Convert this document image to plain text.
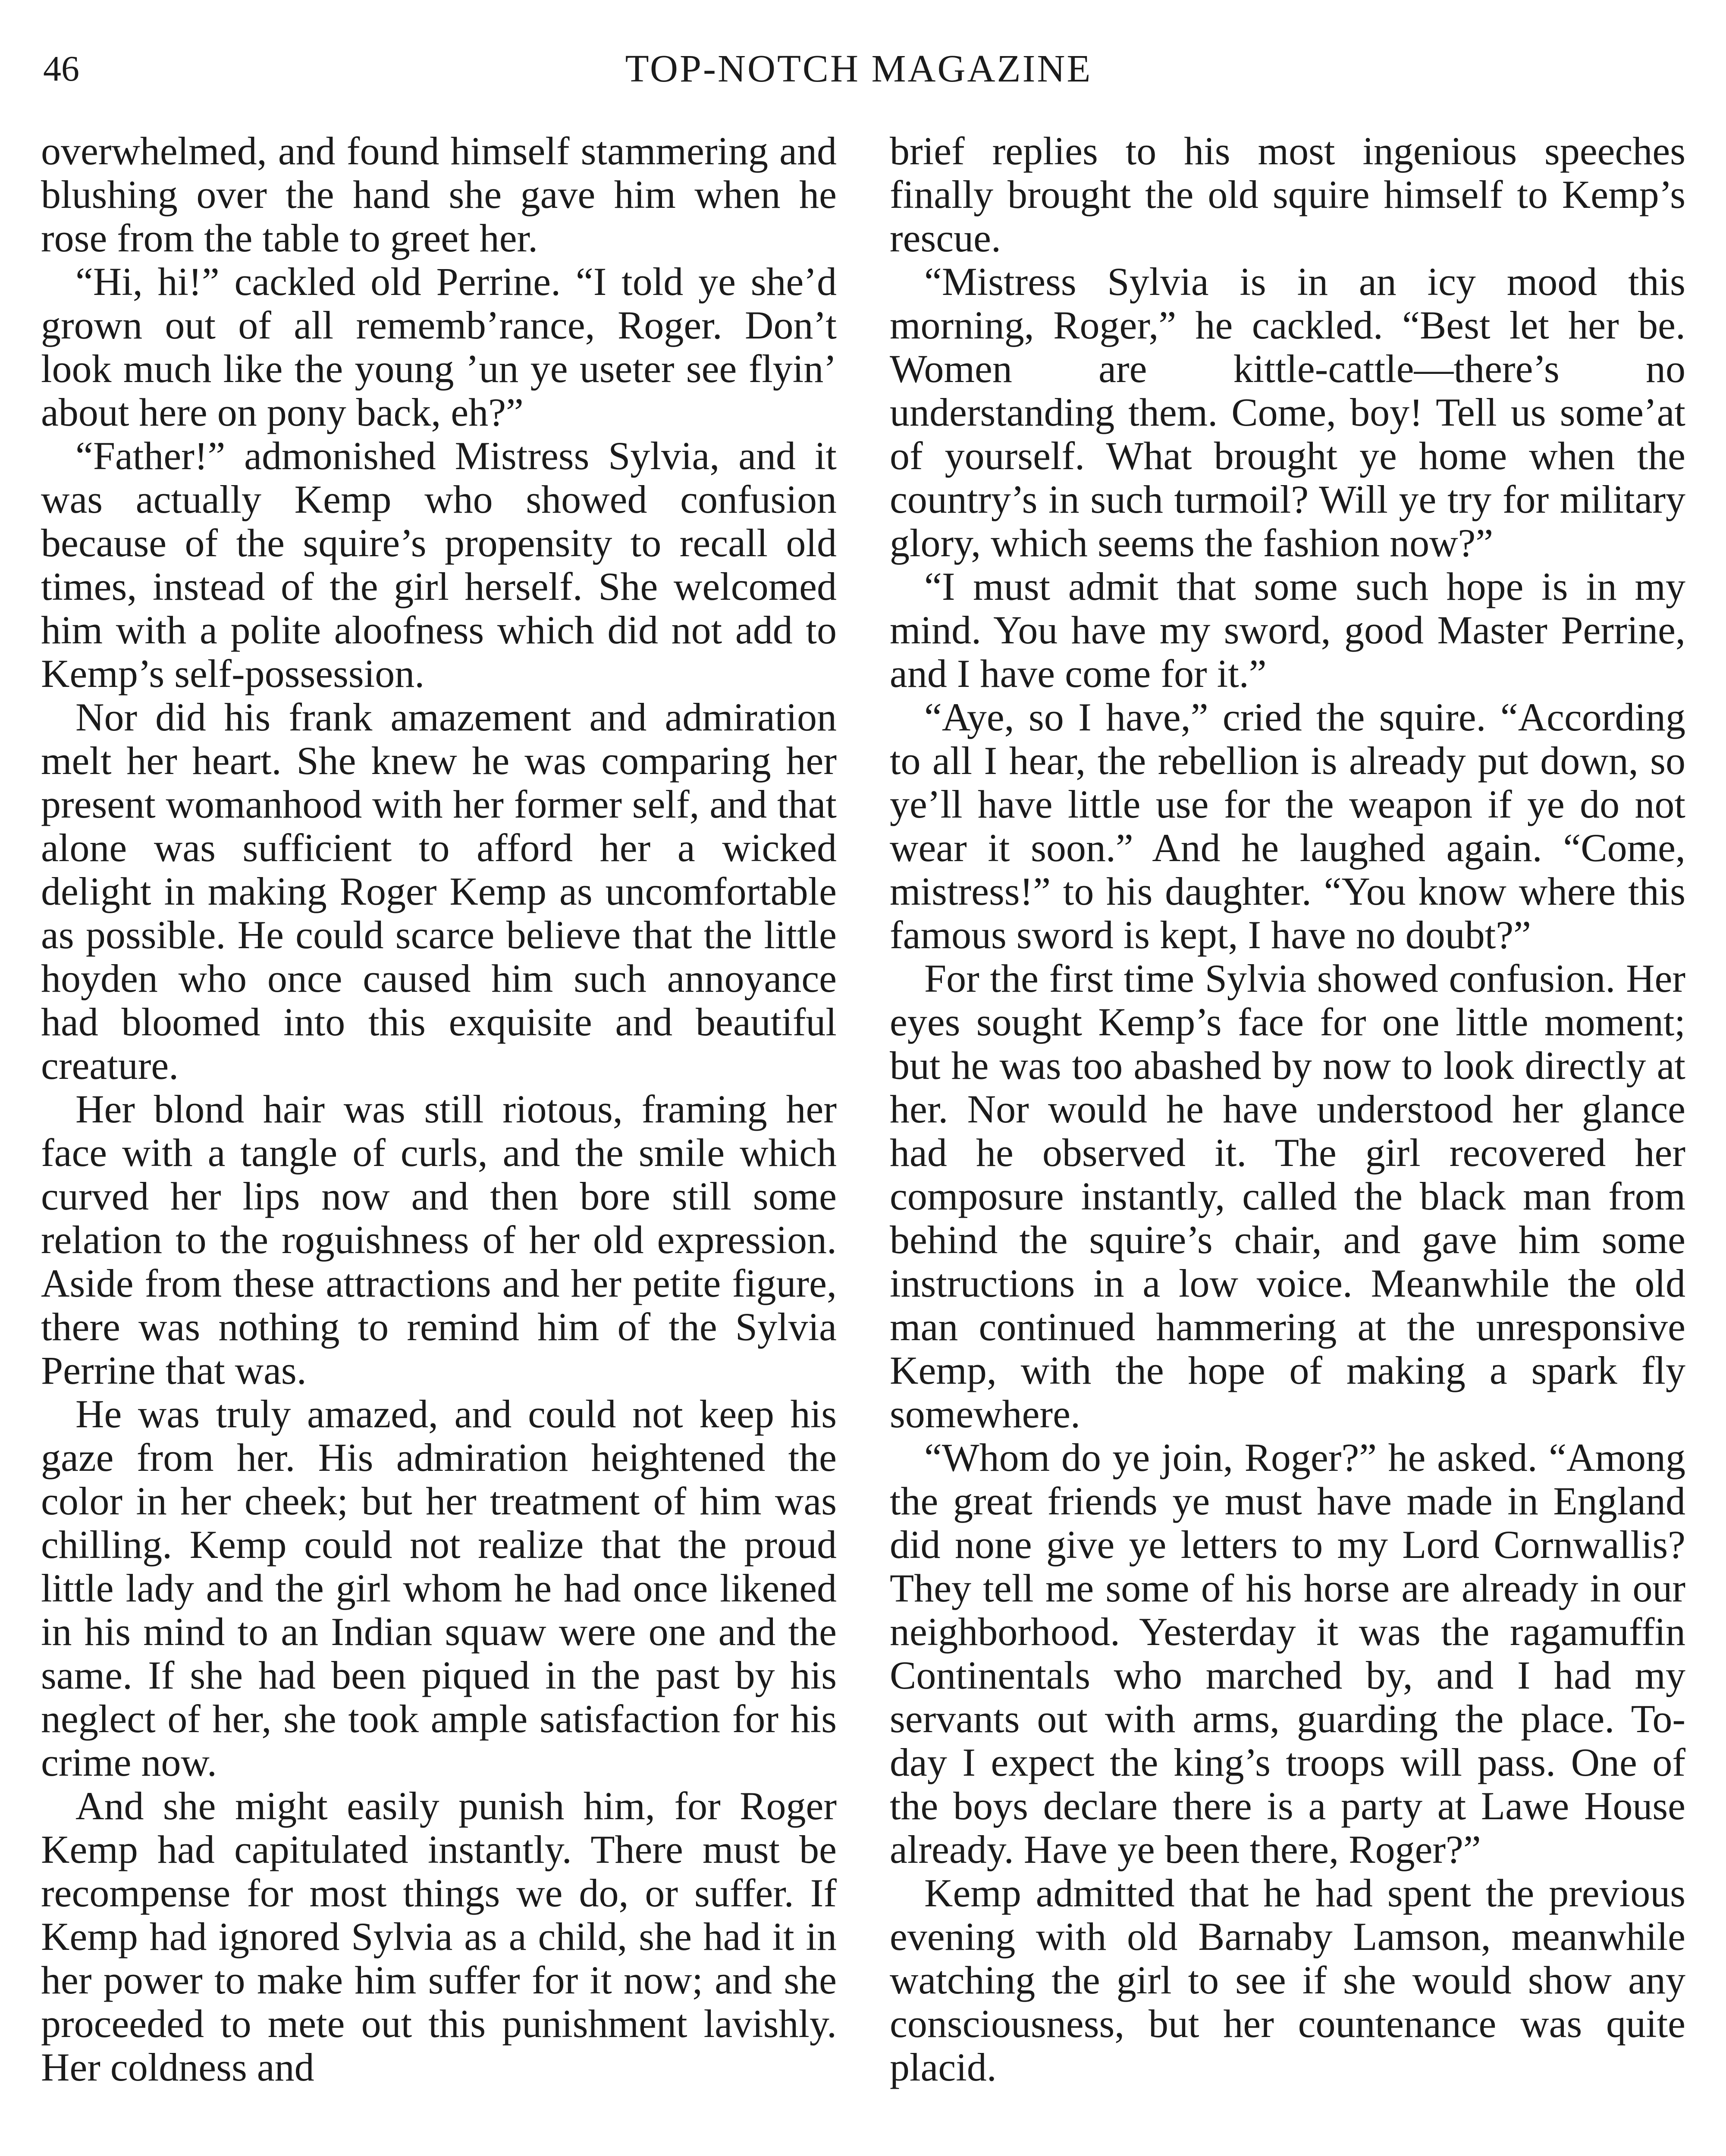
46	TOP-NOTCH MAGAZINE

overwhelmed, and found himself stammering and blushing over the hand she gave him when he rose from the table to greet her.

“Hi, hi!” cackled old Perrine. “I told ye she’d grown out of all rememb’rance, Roger. Don’t look much like the young ’un ye useter see flyin’ about here on pony back, eh?”

“Father!” admonished Mistress Sylvia, and it was actually Kemp who showed confusion because of the squire’s propensity to recall old times, instead of the girl herself. She welcomed him with a polite aloofness which did not add to Kemp’s self-possession.

Nor did his frank amazement and admiration melt her heart. She knew he was comparing her present womanhood with her former self, and that alone was sufficient to afford her a wicked delight in making Roger Kemp as uncomfortable as possible. He could scarce believe that the little hoyden who once caused him such annoyance had bloomed into this exquisite and beautiful creature.

Her blond hair was still riotous, framing her face with a tangle of curls, and the smile which curved her lips now and then bore still some relation to the roguishness of her old expression. Aside from these attractions and her petite figure, there was nothing to remind him of the Sylvia Perrine that was.

He was truly amazed, and could not keep his gaze from her. His admiration heightened the color in her cheek; but her treatment of him was chilling. Kemp could not realize that the proud little lady and the girl whom he had once likened in his mind to an Indian squaw were one and the same. If she had been piqued in the past by his neglect of her, she took ample satisfaction for his crime now.

And she might easily punish him, for Roger Kemp had capitulated instantly. There must be recompense for most things we do, or suffer. If Kemp had ignored Sylvia as a child, she had it in her power to make him suffer for it now; and she proceeded to mete out this punishment lavishly. Her coldness and

brief replies to his most ingenious speeches finally brought the old squire himself to Kemp’s rescue.

“Mistress Sylvia is in an icy mood this morning, Roger,” he cackled. “Best let her be. Women are kittle-cattle—there’s no understanding them. Come, boy! Tell us some’at of yourself. What brought ye home when the country’s in such turmoil? Will ye try for military glory, which seems the fashion now?”

“I must admit that some such hope is in my mind. You have my sword, good Master Perrine, and I have come for it.”

“Aye, so I have,” cried the squire. “According to all I hear, the rebellion is already put down, so ye’ll have little use for the weapon if ye do not wear it soon.” And he laughed again. “Come, mistress!” to his daughter. “You know where this famous sword is kept, I have no doubt?”

For the first time Sylvia showed confusion. Her eyes sought Kemp’s face for one little moment; but he was too abashed by now to look directly at her. Nor would he have understood her glance had he observed it. The girl recovered her composure instantly, called the black man from behind the squire’s chair, and gave him some instructions in a low voice. Meanwhile the old man continued hammering at the unresponsive Kemp, with the hope of making a spark fly somewhere.

“Whom do ye join, Roger?” he asked. “Among the great friends ye must have made in England did none give ye letters to my Lord Cornwallis? They tell me some of his horse are already in our neighborhood. Yesterday it was the ragamuffin Continentals who marched by, and I had my servants out with arms, guarding the place. To-day I expect the king’s troops will pass. One of the boys declare there is a party at Lawe House already. Have ye been there, Roger?”

Kemp admitted that he had spent the previous evening with old Barnaby Lamson, meanwhile watching the girl to see if she would show any consciousness, but her countenance was quite placid.
